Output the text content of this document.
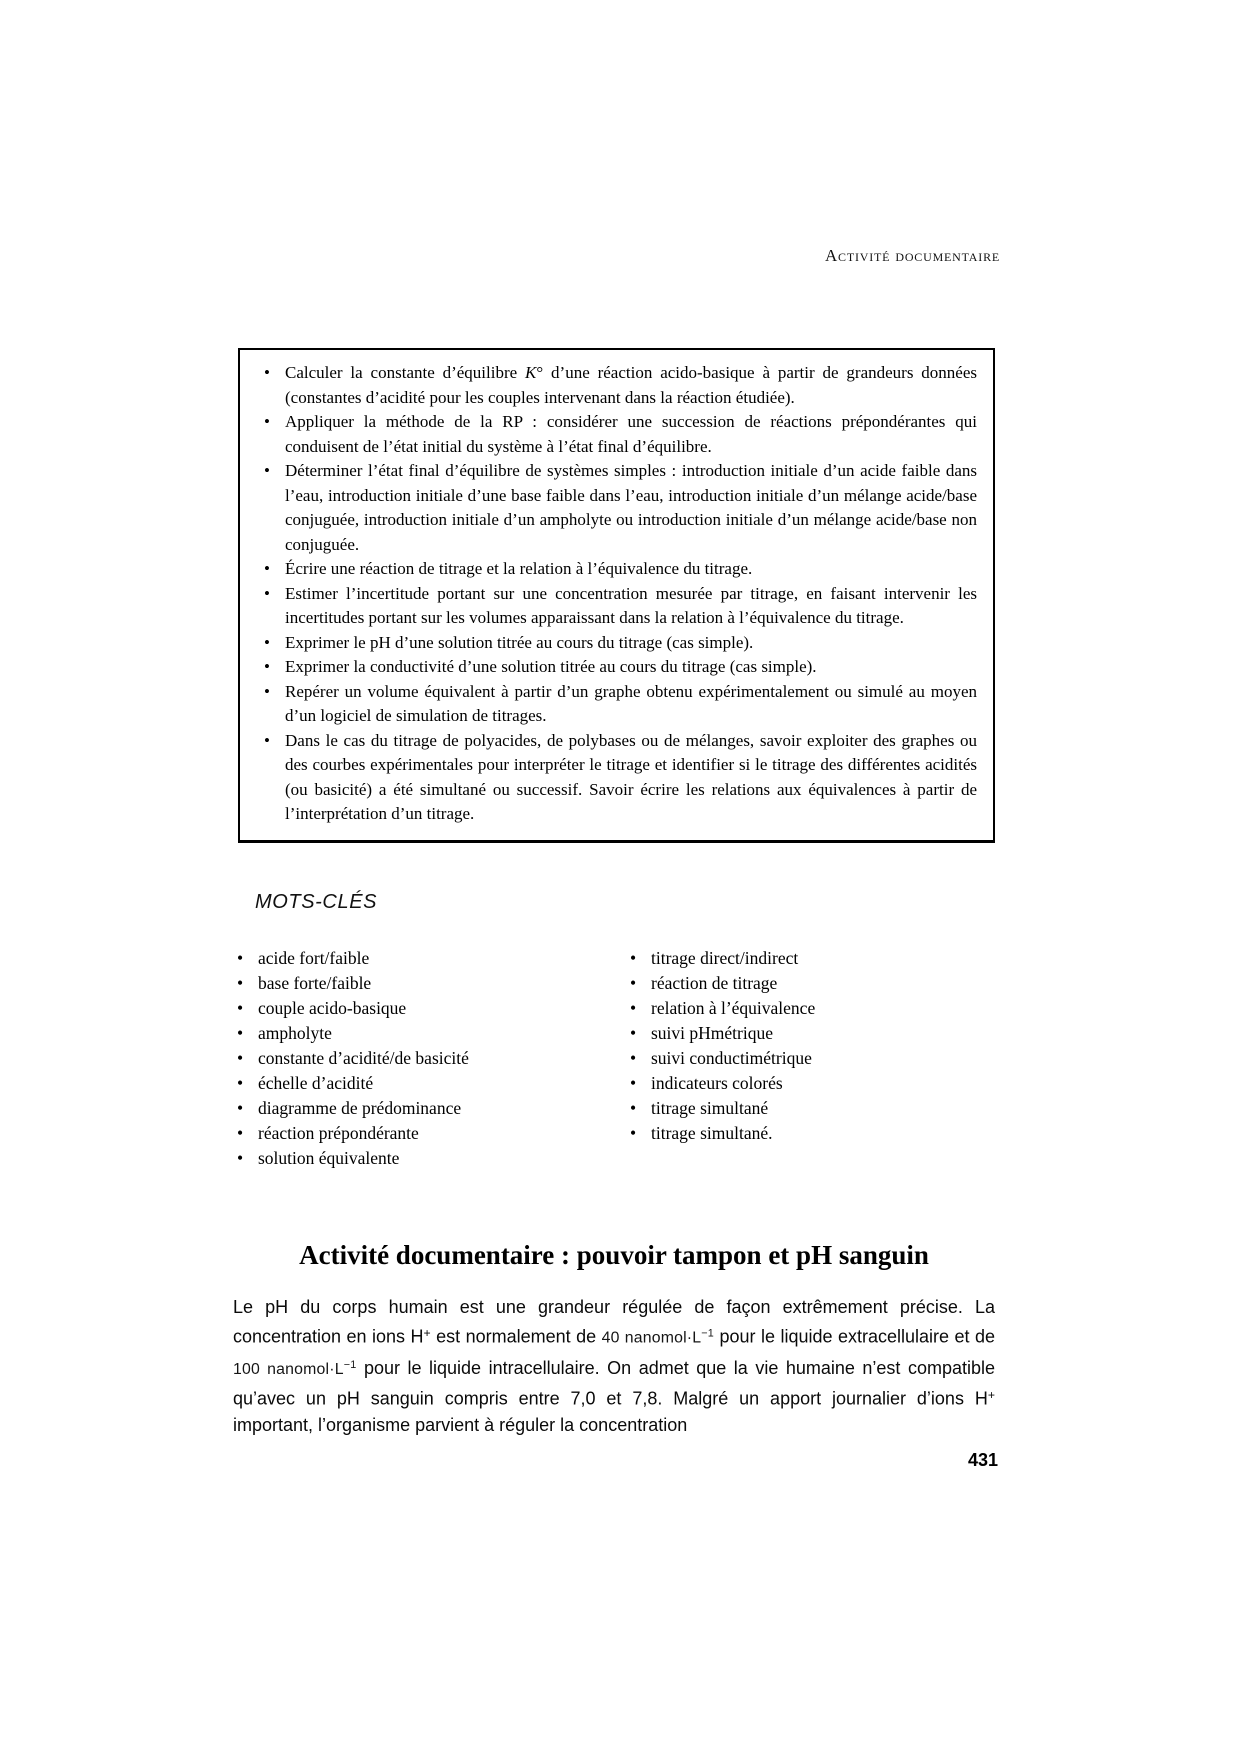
Activité documentaire
• Calculer la constante d’équilibre K° d’une réaction acido-basique à partir de grandeurs données (constantes d’acidité pour les couples intervenant dans la réaction étudiée).
• Appliquer la méthode de la RP : considérer une succession de réactions prépondérantes qui conduisent de l’état initial du système à l’état final d’équilibre.
• Déterminer l’état final d’équilibre de systèmes simples : introduction initiale d’un acide faible dans l’eau, introduction initiale d’une base faible dans l’eau, introduction initiale d’un mélange acide/base conjuguée, introduction initiale d’un ampholyte ou introduction initiale d’un mélange acide/base non conjuguée.
• Écrire une réaction de titrage et la relation à l’équivalence du titrage.
• Estimer l’incertitude portant sur une concentration mesurée par titrage, en faisant intervenir les incertitudes portant sur les volumes apparaissant dans la relation à l’équivalence du titrage.
• Exprimer le pH d’une solution titrée au cours du titrage (cas simple).
• Exprimer la conductivité d’une solution titrée au cours du titrage (cas simple).
• Repérer un volume équivalent à partir d’un graphe obtenu expérimentalement ou simulé au moyen d’un logiciel de simulation de titrages.
• Dans le cas du titrage de polyacides, de polybases ou de mélanges, savoir exploiter des graphes ou des courbes expérimentales pour interpréter le titrage et identifier si le titrage des différentes acidités (ou basicité) a été simultané ou successif. Savoir écrire les relations aux équivalences à partir de l’interprétation d’un titrage.
MOTS-CLÉS
• acide fort/faible
• base forte/faible
• couple acido-basique
• ampholyte
• constante d’acidité/de basicité
• échelle d’acidité
• diagramme de prédominance
• réaction prépondérante
• solution équivalente
• titrage direct/indirect
• réaction de titrage
• relation à l’équivalence
• suivi pHmétrique
• suivi conductimétrique
• indicateurs colorés
• titrage simultané
• titrage simultané.
Activité documentaire : pouvoir tampon et pH sanguin

Le pH du corps humain est une grandeur régulée de façon extrêmement précise. La concentration en ions H+ est normalement de 40 $nanomol\cdot L^{-1}$ pour le liquide extracellulaire et de 100 $nanomol\cdot L^{-1}$ pour le liquide intracellulaire. On admet que la vie humaine n’est compatible qu’avec un pH sanguin compris entre 7,0 et 7,8. Malgré un apport journalier d’ions H+ important, l’organisme parvient à réguler la concentration

431
